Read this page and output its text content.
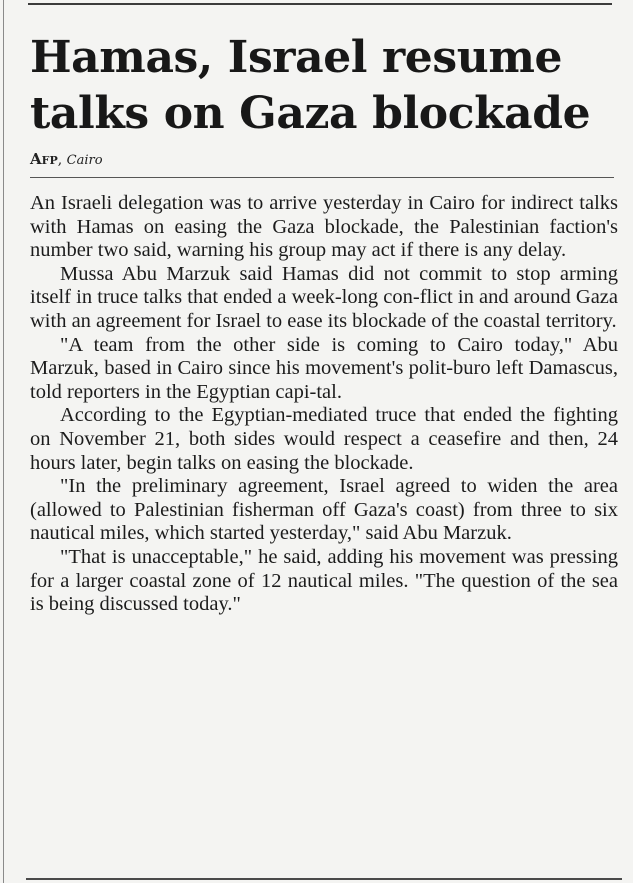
Hamas, Israel resume talks on Gaza blockade
Afp, Cairo

An Israeli delegation was to arrive yesterday in Cairo for indirect talks with Hamas on easing the Gaza blockade, the Palestinian faction's number two said, warning his group may act if there is any delay.

Mussa Abu Marzuk said Hamas did not commit to stop arming itself in truce talks that ended a week-long con-flict in and around Gaza with an agreement for Israel to ease its blockade of the coastal territory.

"A team from the other side is coming to Cairo today," Abu Marzuk, based in Cairo since his movement's polit-buro left Damascus, told reporters in the Egyptian capi-tal.

According to the Egyptian-mediated truce that ended the fighting on November 21, both sides would respect a ceasefire and then, 24 hours later, begin talks on easing the blockade.

"In the preliminary agreement, Israel agreed to widen the area (allowed to Palestinian fisherman off Gaza's coast) from three to six nautical miles, which started yesterday," said Abu Marzuk.

"That is unacceptable," he said, adding his movement was pressing for a larger coastal zone of 12 nautical miles. "The question of the sea is being discussed today."
